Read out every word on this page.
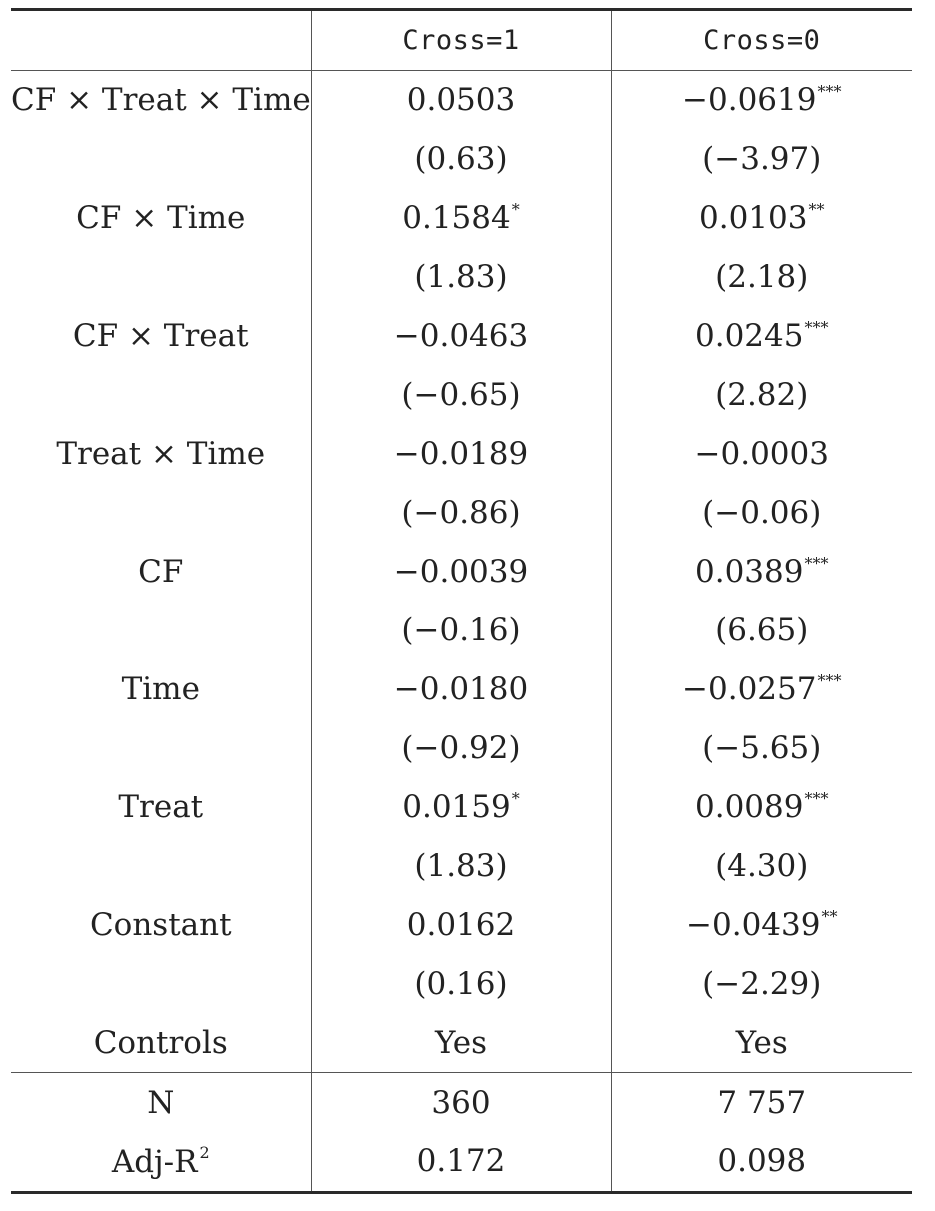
	Cross=1	Cross=0
CF × Treat × Time	0.0503	−0.0619***
	(0.63)	(−3.97)
CF × Time	0.1584*	0.0103**
	(1.83)	(2.18)
CF × Treat	−0.0463	0.0245***
	(−0.65)	(2.82)
Treat × Time	−0.0189	−0.0003
	(−0.86)	(−0.06)
CF	−0.0039	0.0389***
	(−0.16)	(6.65)
Time	−0.0180	−0.0257***
	(−0.92)	(−5.65)
Treat	0.0159*	0.0089***
	(1.83)	(4.30)
Constant	0.0162	−0.0439**
	(0.16)	(−2.29)
Controls	Yes	Yes
N	360	7 757
Adj-R $^2$	0.172	0.098
